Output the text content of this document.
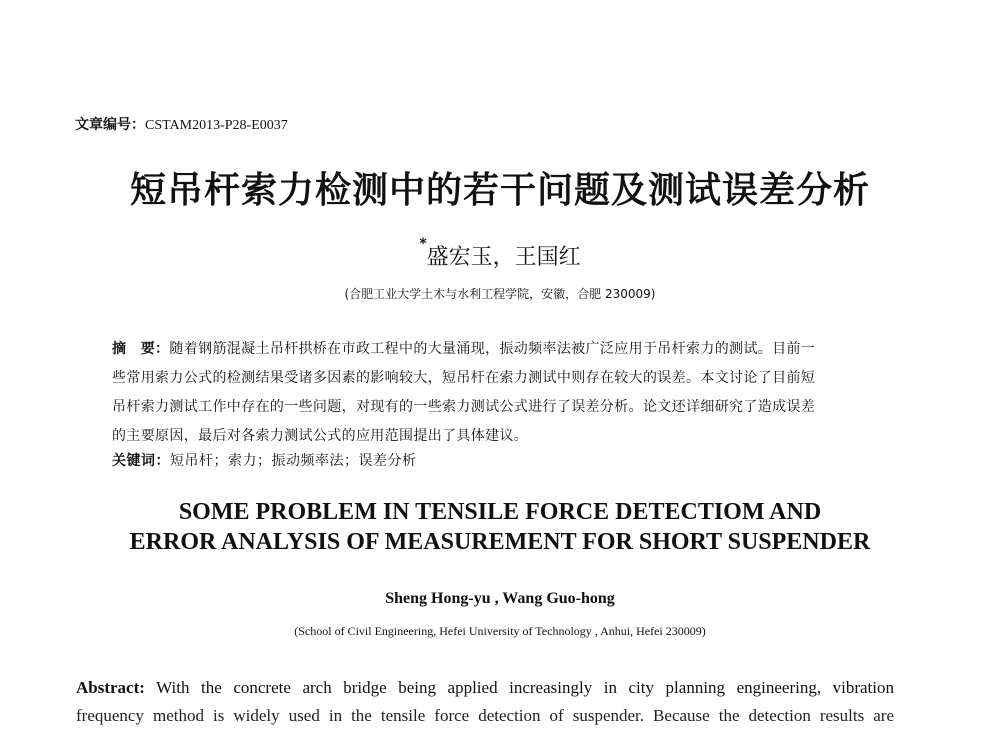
文章编号：CSTAM2013-P28-E0037
短吊杆索力检测中的若干问题及测试误差分析
*盛宏玉，王国红
(合肥工业大学土木与水利工程学院，安徽，合肥 230009)
摘　要：随着钢筋混凝土吊杆拱桥在市政工程中的大量涌现，振动频率法被广泛应用于吊杆索力的测试。目前一
些常用索力公式的检测结果受诸多因素的影响较大，短吊杆在索力测试中则存在较大的误差。本文讨论了目前短
吊杆索力测试工作中存在的一些问题，对现有的一些索力测试公式进行了误差分析。论文还详细研究了造成误差
的主要原因，最后对各索力测试公式的应用范围提出了具体建议。
关键词：短吊杆；索力；振动频率法；误差分析
SOME PROBLEM IN TENSILE FORCE DETECTIOM AND
ERROR ANALYSIS OF MEASUREMENT FOR SHORT SUSPENDER
Sheng Hong-yu , Wang Guo-hong
(School of Civil Engineering, Hefei University of Technology , Anhui, Hefei 230009)
Abstract: With the concrete arch bridge being applied increasingly in city planning engineering, vibration
frequency method is widely used in the tensile force detection of suspender. Because the detection results are
